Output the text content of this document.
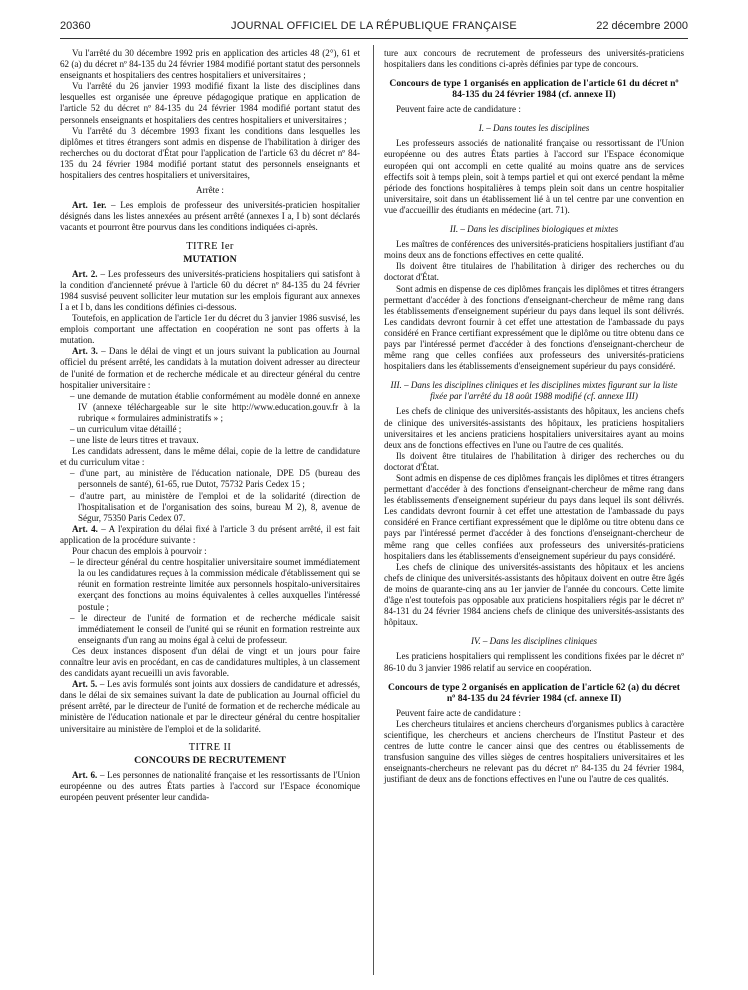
20360	JOURNAL OFFICIEL DE LA RÉPUBLIQUE FRANÇAISE	22 décembre 2000

Vu l'arrêté du 30 décembre 1992 pris en application des articles 48 (2°), 61 et 62 (a) du décret nº 84-135 du 24 février 1984 modifié portant statut des personnels enseignants et hospitaliers des centres hospitaliers et universitaires ;

Vu l'arrêté du 26 janvier 1993 modifié fixant la liste des disciplines dans lesquelles est organisée une épreuve pédagogique pratique en application de l'article 52 du décret nº 84-135 du 24 février 1984 modifié portant statut des personnels enseignants et hospitaliers des centres hospitaliers et universitaires ;

Vu l'arrêté du 3 décembre 1993 fixant les conditions dans lesquelles les diplômes et titres étrangers sont admis en dispense de l'habilitation à diriger des recherches ou du doctorat d'État pour l'application de l'article 63 du décret nº 84-135 du 24 février 1984 modifié portant statut des personnels enseignants et hospitaliers des centres hospitaliers et universitaires,

Arrête :

Art. 1er. – Les emplois de professeur des universités-praticien hospitalier désignés dans les listes annexées au présent arrêté (annexes I a, I b) sont déclarés vacants et pourront être pourvus dans les conditions indiquées ci-après.

TITRE Ier
MUTATION

Art. 2. – Les professeurs des universités-praticiens hospitaliers qui satisfont à la condition d'ancienneté prévue à l'article 60 du décret nº 84-135 du 24 février 1984 susvisé peuvent solliciter leur mutation sur les emplois figurant aux annexes I a et I b, dans les conditions définies ci-dessous.

Toutefois, en application de l'article 1er du décret du 3 janvier 1986 susvisé, les emplois comportant une affectation en coopération ne sont pas offerts à la mutation.

Art. 3. – Dans le délai de vingt et un jours suivant la publication au Journal officiel du présent arrêté, les candidats à la mutation doivent adresser au directeur de l'unité de formation et de recherche médicale et au directeur général du centre hospitalier universitaire :

– une demande de mutation établie conformément au modèle donné en annexe IV (annexe téléchargeable sur le site http://www.education.gouv.fr à la rubrique « formulaires administratifs » ;
– un curriculum vitae détaillé ;
– une liste de leurs titres et travaux.

Les candidats adressent, dans le même délai, copie de la lettre de candidature et du curriculum vitae :

– d'une part, au ministère de l'éducation nationale, DPE D5 (bureau des personnels de santé), 61-65, rue Dutot, 75732 Paris Cedex 15 ;
– d'autre part, au ministère de l'emploi et de la solidarité (direction de l'hospitalisation et de l'organisation des soins, bureau M 2), 8, avenue de Ségur, 75350 Paris Cedex 07.

Art. 4. – A l'expiration du délai fixé à l'article 3 du présent arrêté, il est fait application de la procédure suivante :

Pour chacun des emplois à pourvoir :

– le directeur général du centre hospitalier universitaire soumet immédiatement la ou les candidatures reçues à la commission médicale d'établissement qui se réunit en formation restreinte limitée aux personnels hospitalo-universitaires exerçant des fonctions au moins équivalentes à celles auxquelles l'intéressé postule ;
– le directeur de l'unité de formation et de recherche médicale saisit immédiatement le conseil de l'unité qui se réunit en formation restreinte aux enseignants d'un rang au moins égal à celui de professeur.

Ces deux instances disposent d'un délai de vingt et un jours pour faire connaître leur avis en procédant, en cas de candidatures multiples, à un classement des candidats ayant recueilli un avis favorable.

Art. 5. – Les avis formulés sont joints aux dossiers de candidature et adressés, dans le délai de six semaines suivant la date de publication au Journal officiel du présent arrêté, par le directeur de l'unité de formation et de recherche médicale au ministère de l'éducation nationale et par le directeur général du centre hospitalier universitaire au ministère de l'emploi et de la solidarité.

TITRE II
CONCOURS DE RECRUTEMENT

Art. 6. – Les personnes de nationalité française et les ressortissants de l'Union européenne ou des autres États parties à l'accord sur l'Espace économique européen peuvent présenter leur candida-

ture aux concours de recrutement de professeurs des universités-praticiens hospitaliers dans les conditions ci-après définies par type de concours.

Concours de type 1 organisés en application de l'article 61 du décret nº 84-135 du 24 février 1984 (cf. annexe II)

Peuvent faire acte de candidature :

I. – Dans toutes les disciplines

Les professeurs associés de nationalité française ou ressortissant de l'Union européenne ou des autres États parties à l'accord sur l'Espace économique européen qui ont accompli en cette qualité au moins quatre ans de services effectifs soit à temps plein, soit à temps partiel et qui ont exercé pendant la même période des fonctions hospitalières à temps plein soit dans un centre hospitalier universitaire, soit dans un établissement lié à un tel centre par une convention en vue d'accueillir des étudiants en médecine (art. 71).

II. – Dans les disciplines biologiques et mixtes

Les maîtres de conférences des universités-praticiens hospitaliers justifiant d'au moins deux ans de fonctions effectives en cette qualité.

Ils doivent être titulaires de l'habilitation à diriger des recherches ou du doctorat d'État.

Sont admis en dispense de ces diplômes français les diplômes et titres étrangers permettant d'accéder à des fonctions d'enseignant-chercheur de même rang dans les établissements d'enseignement supérieur du pays dans lequel ils sont délivrés. Les candidats devront fournir à cet effet une attestation de l'ambassade du pays considéré en France certifiant expressément que le diplôme ou titre obtenu dans ce pays par l'intéressé permet d'accéder à des fonctions d'enseignant-chercheur de même rang que celles confiées aux professeurs des universités-praticiens hospitaliers dans les établissements d'enseignement supérieur du pays considéré.

III. – Dans les disciplines cliniques et les disciplines mixtes figurant sur la liste fixée par l'arrêté du 18 août 1988 modifié (cf. annexe III)

Les chefs de clinique des universités-assistants des hôpitaux, les anciens chefs de clinique des universités-assistants des hôpitaux, les praticiens hospitaliers universitaires et les anciens praticiens hospitaliers universitaires ayant au moins deux ans de fonctions effectives en l'une ou l'autre de ces qualités.

Ils doivent être titulaires de l'habilitation à diriger des recherches ou du doctorat d'État.

Sont admis en dispense de ces diplômes français les diplômes et titres étrangers permettant d'accéder à des fonctions d'enseignant-chercheur de même rang dans les établissements d'enseignement supérieur du pays dans lequel ils sont délivrés. Les candidats devront fournir à cet effet une attestation de l'ambassade du pays considéré en France certifiant expressément que le diplôme ou titre obtenu dans ce pays par l'intéressé permet d'accéder à des fonctions d'enseignant-chercheur de même rang que celles confiées aux professeurs des universités-praticiens hospitaliers dans les établissements d'enseignement supérieur du pays considéré.

Les chefs de clinique des universités-assistants des hôpitaux et les anciens chefs de clinique des universités-assistants des hôpitaux doivent en outre être âgés de moins de quarante-cinq ans au 1er janvier de l'année du concours. Cette limite d'âge n'est toutefois pas opposable aux praticiens hospitaliers régis par le décret nº 84-131 du 24 février 1984 anciens chefs de clinique des universités-assistants des hôpitaux.

IV. – Dans les disciplines cliniques

Les praticiens hospitaliers qui remplissent les conditions fixées par le décret nº 86-10 du 3 janvier 1986 relatif au service en coopération.

Concours de type 2 organisés en application de l'article 62 (a) du décret nº 84-135 du 24 février 1984 (cf. annexe II)

Peuvent faire acte de candidature :

Les chercheurs titulaires et anciens chercheurs d'organismes publics à caractère scientifique, les chercheurs et anciens chercheurs de l'Institut Pasteur et des centres de lutte contre le cancer ainsi que des centres ou établissements de transfusion sanguine des villes sièges de centres hospitaliers universitaires et les enseignants-chercheurs ne relevant pas du décret nº 84-135 du 24 février 1984, justifiant de deux ans de fonctions effectives en l'une ou l'autre de ces qualités.
